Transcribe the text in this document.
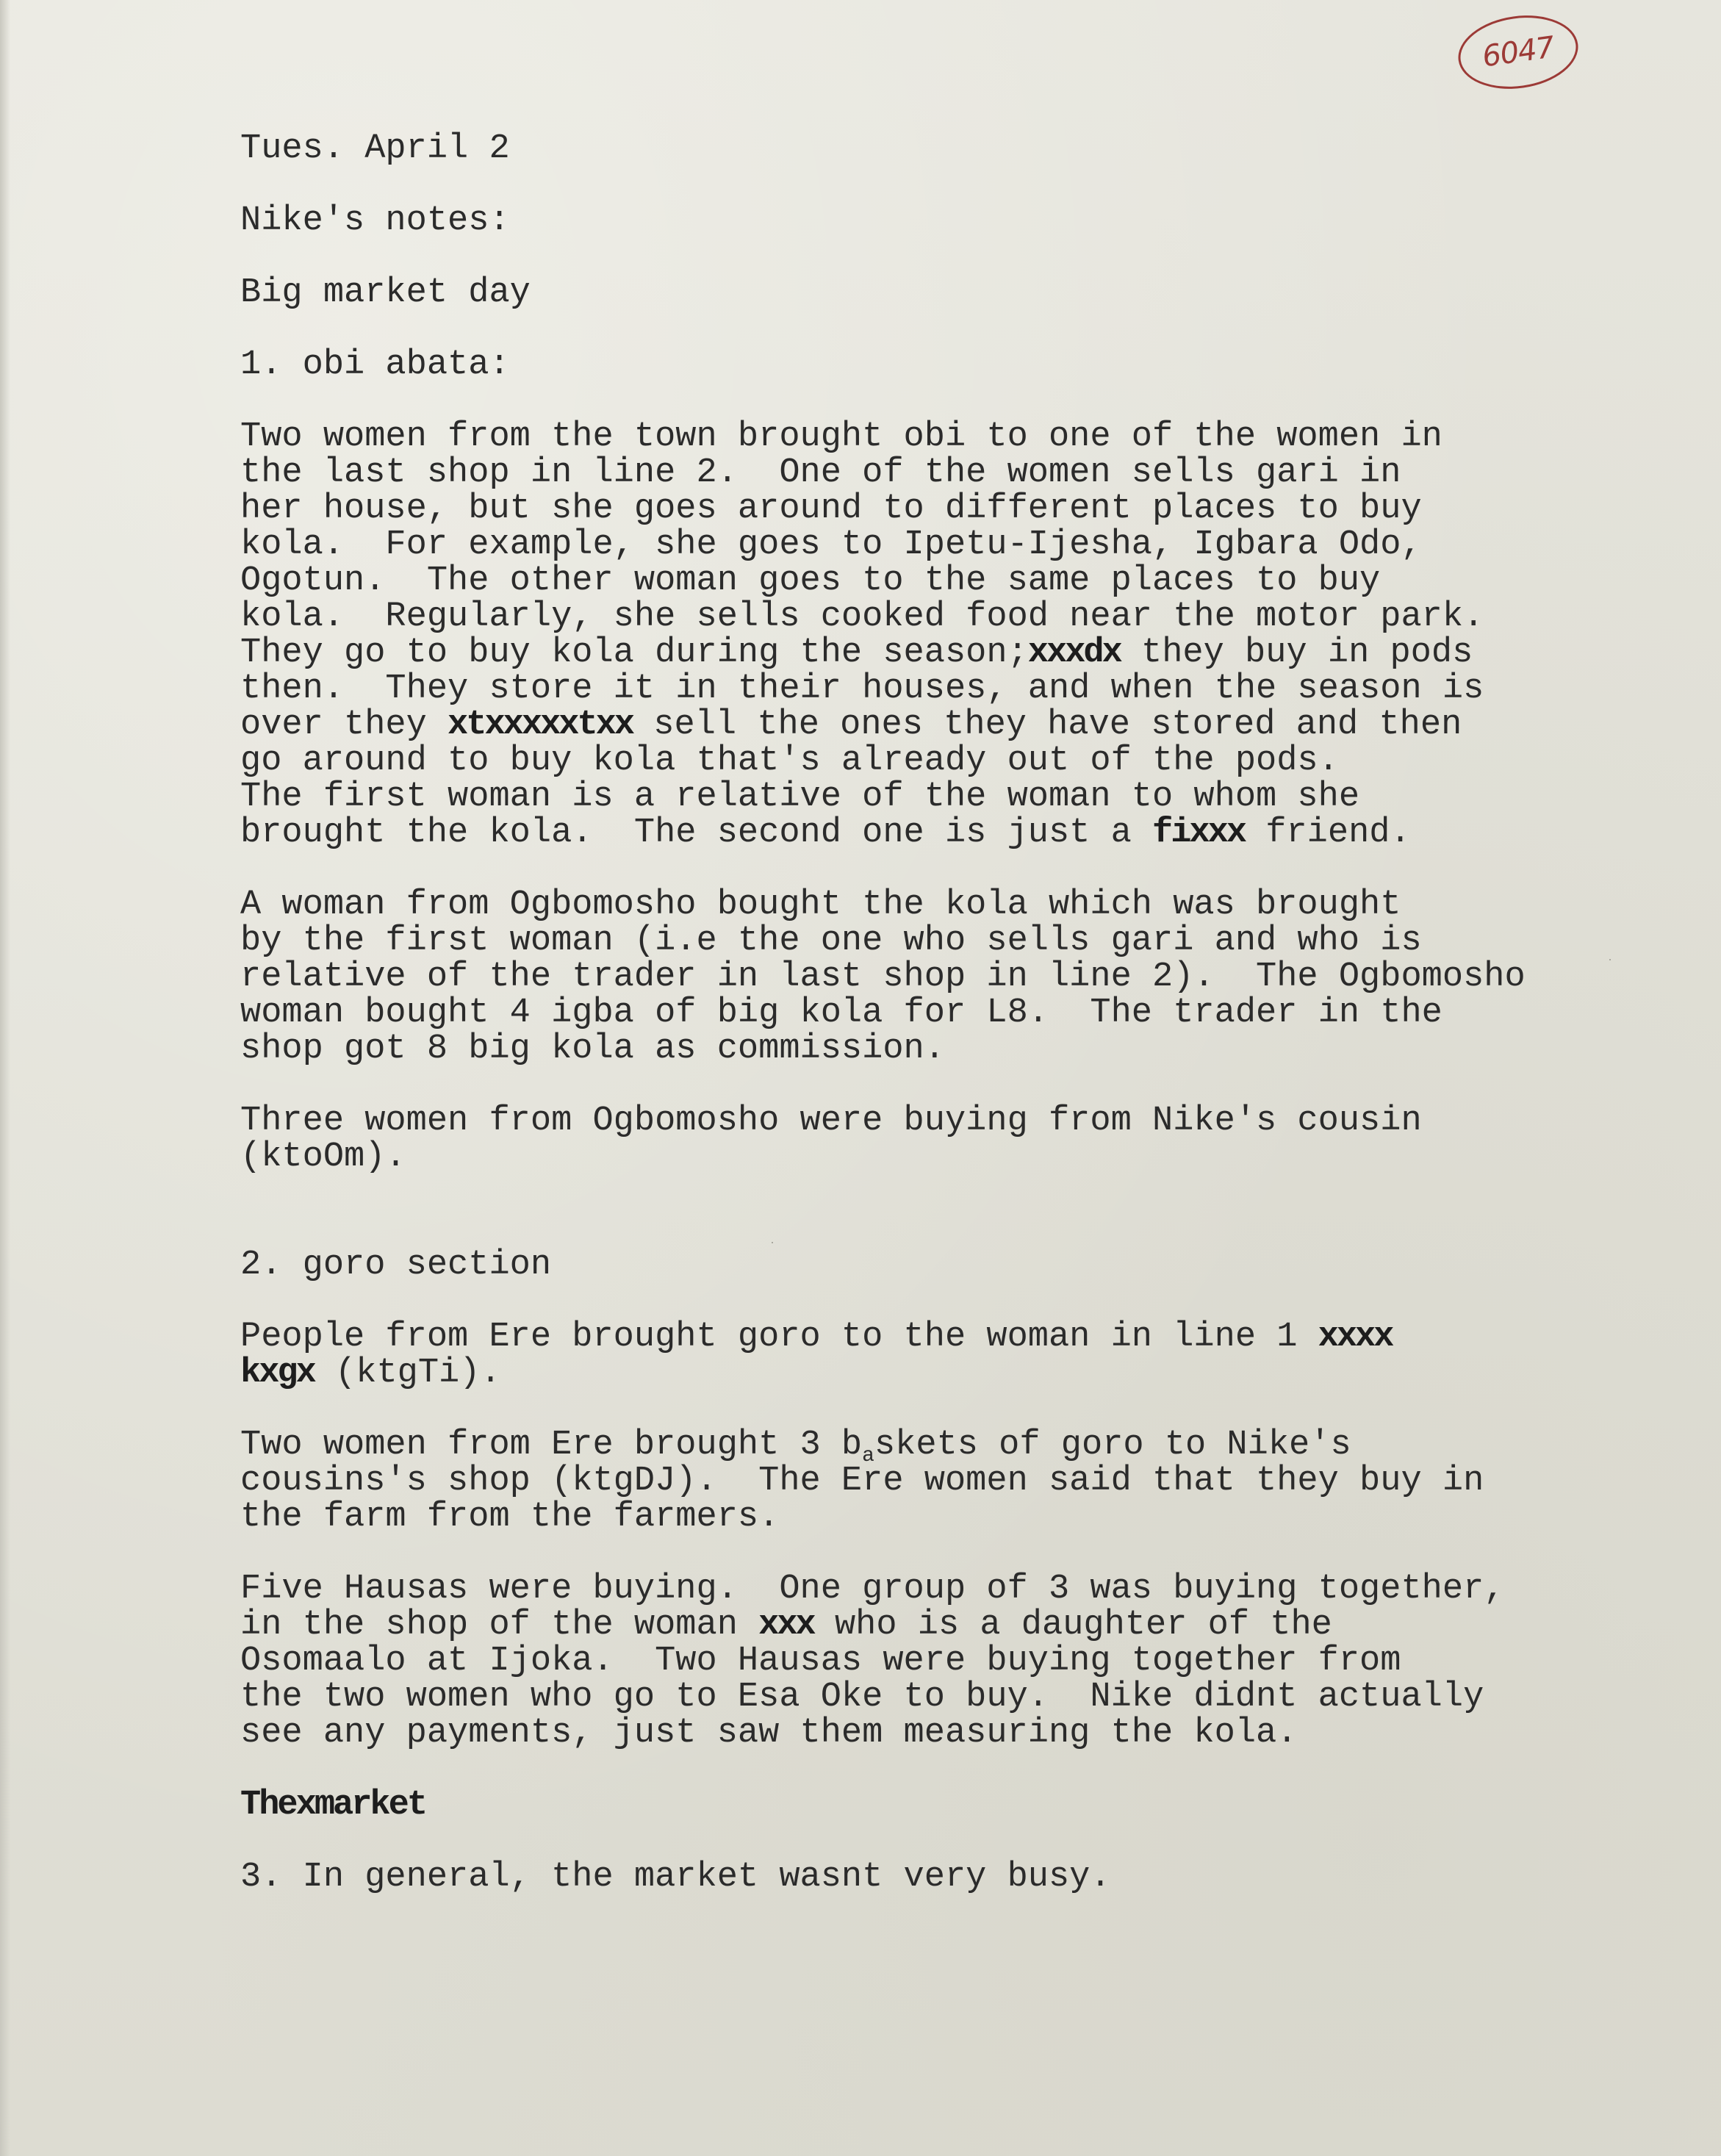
6047
Tues. April 2
Nike's notes:
Big market day
1. obi abata:
Two women from the town brought obi to one of the women in
the last shop in line 2.  One of the women sells gari in
her house, but she goes around to different places to buy
kola.  For example, she goes to Ipetu-Ijesha, Igbara Odo,
Ogotun.  The other woman goes to the same places to buy
kola.  Regularly, she sells cooked food near the motor park.
They go to buy kola during the season;xxxdx they buy in pods
then.  They store it in their houses, and when the season is
over they xtxxxxxtxx sell the ones they have stored and then
go around to buy kola that's already out of the pods.
The first woman is a relative of the woman to whom she
brought the kola.  The second one is just a fixxx friend.
A woman from Ogbomosho bought the kola which was brought
by the first woman (i.e the one who sells gari and who is
relative of the trader in last shop in line 2).  The Ogbomosho
woman bought 4 igba of big kola for L8.  The trader in the
shop got 8 big kola as commission.
Three women from Ogbomosho were buying from Nike's cousin
(ktoOm).
2. goro section
People from Ere brought goro to the woman in line 1 xxxx
kxgx (ktgTi).
Two women from Ere brought 3 $b_askets$ of goro to Nike's
cousins's shop (ktgDJ).  The Ere women said that they buy in
the farm from the farmers.
Five Hausas were buying.  One group of 3 was buying together,
in the shop of the woman xxx who is a daughter of the
Osomaalo at Ijoka.  Two Hausas were buying together from
the two women who go to Esa Oke to buy.  Nike didnt actually
see any payments, just saw them measuring the kola.
Thexmarket
3. In general, the market wasnt very busy.
